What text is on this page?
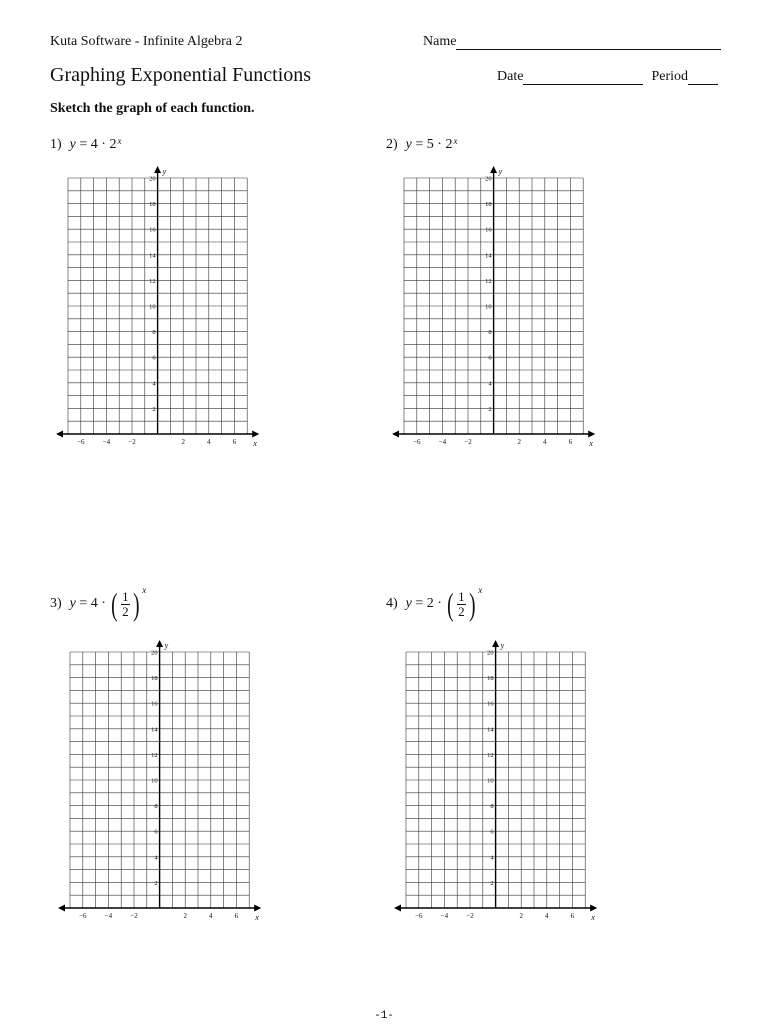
Kuta Software - Infinite Algebra 2	Name
Graphing Exponential Functions	Date	Period
Sketch the graph of each function.
1) y
=
4
·
2 x	2) y
=
5
·
2 x
3) y
=
4
·
( $\frac{1}{2}$ ) x
4) y
=
2
·
( $\frac{1}{2}$ ) x
−6	−4	−2	2	4	6
2
4
6
8
10
12
14
16
18
20
x
y
−6	−4	−2	2	4	6
2
4
6
8
10
12
14
16
18
20
x
y
−6	−4	−2	2	4	6
2
4
6
8
10
12
14
16
18
20
x
y
−6	−4	−2	2	4	6
2
4
6
8
10
12
14
16
18
20
x
y
-1-
